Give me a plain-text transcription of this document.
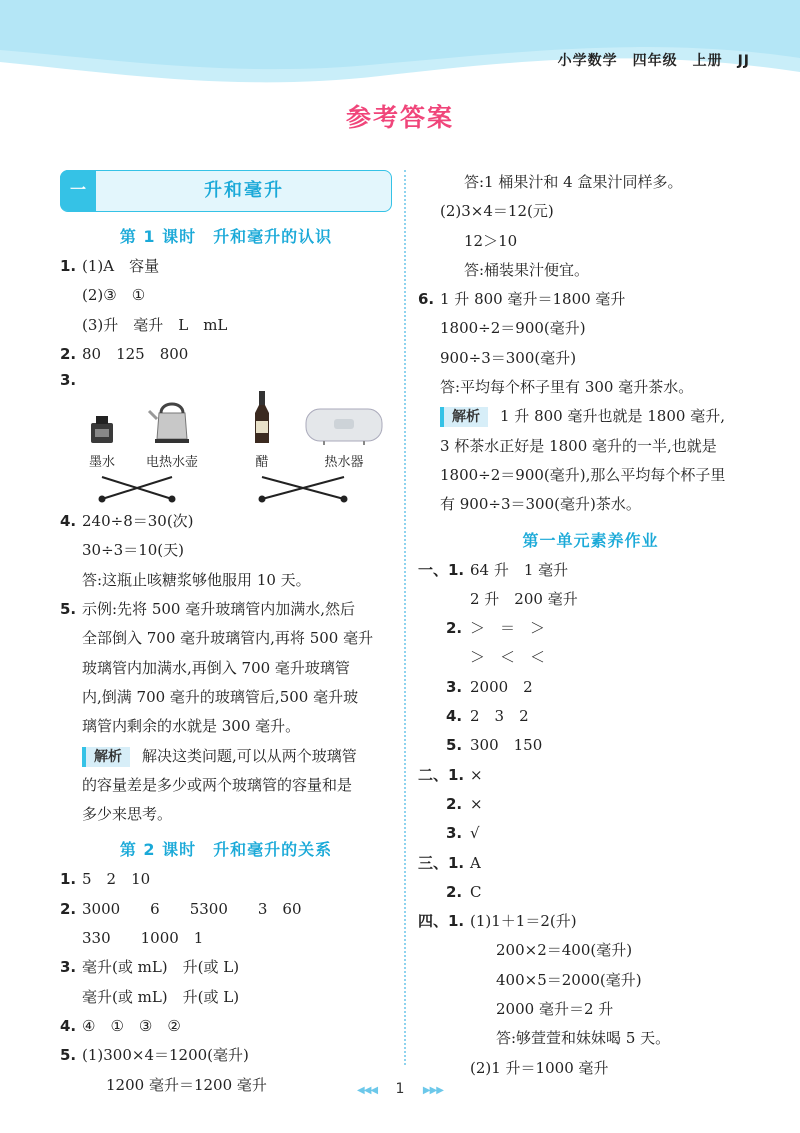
小学数学　四年级　上册　JJ
参考答案
一	升和毫升
第 1 课时　升和毫升的认识
1. (1)A　容量
(2)③　①
(3)升　毫升　L　mL
2. 80　125　800
3.
墨水	电热水壶	醋	热水器
4. 240÷8＝30(次)
30÷3＝10(天)
答:这瓶止咳糖浆够他服用 10 天。
5. 示例:先将 500 毫升玻璃管内加满水,然后
全部倒入 700 毫升玻璃管内,再将 500 毫升
玻璃管内加满水,再倒入 700 毫升玻璃管
内,倒满 700 毫升的玻璃管后,500 毫升玻
璃管内剩余的水就是 300 毫升。
解析 解决这类问题,可以从两个玻璃管
的容量差是多少或两个玻璃管的容量和是
多少来思考。
第 2 课时　升和毫升的关系
1. 5　2　10
2. 3000　　6　　5300　　3　60
330　　1000　1
3. 毫升(或 mL)　升(或 L)
毫升(或 mL)　升(或 L)
4. ④　①　③　②
5. (1)300×4＝1200(毫升)
1200 毫升＝1200 毫升
答:1 桶果汁和 4 盒果汁同样多。
(2)3×4＝12(元)
12＞10
答:桶装果汁便宜。
6. 1 升 800 毫升＝1800 毫升
1800÷2＝900(毫升)
900÷3＝300(毫升)
答:平均每个杯子里有 300 毫升茶水。
解析 1 升 800 毫升也就是 1800 毫升,
3 杯茶水正好是 1800 毫升的一半,也就是
1800÷2＝900(毫升),那么平均每个杯子里
有 900÷3＝300(毫升)茶水。
第一单元素养作业
一、1. 64 升　1 毫升
2 升　200 毫升
2. ＞　＝　＞
＞　＜　＜
3. 2000　2
4. 2　3　2
5. 300　150
二、1. ×
2. ×
3. √
三、1. A
2. C
四、1. (1)1＋1＝2(升)
200×2＝400(毫升)
400×5＝2000(毫升)
2000 毫升＝2 升
答:够萱萱和妹妹喝 5 天。
(2)1 升＝1000 毫升
◀◀◀ 1 ▶▶▶
